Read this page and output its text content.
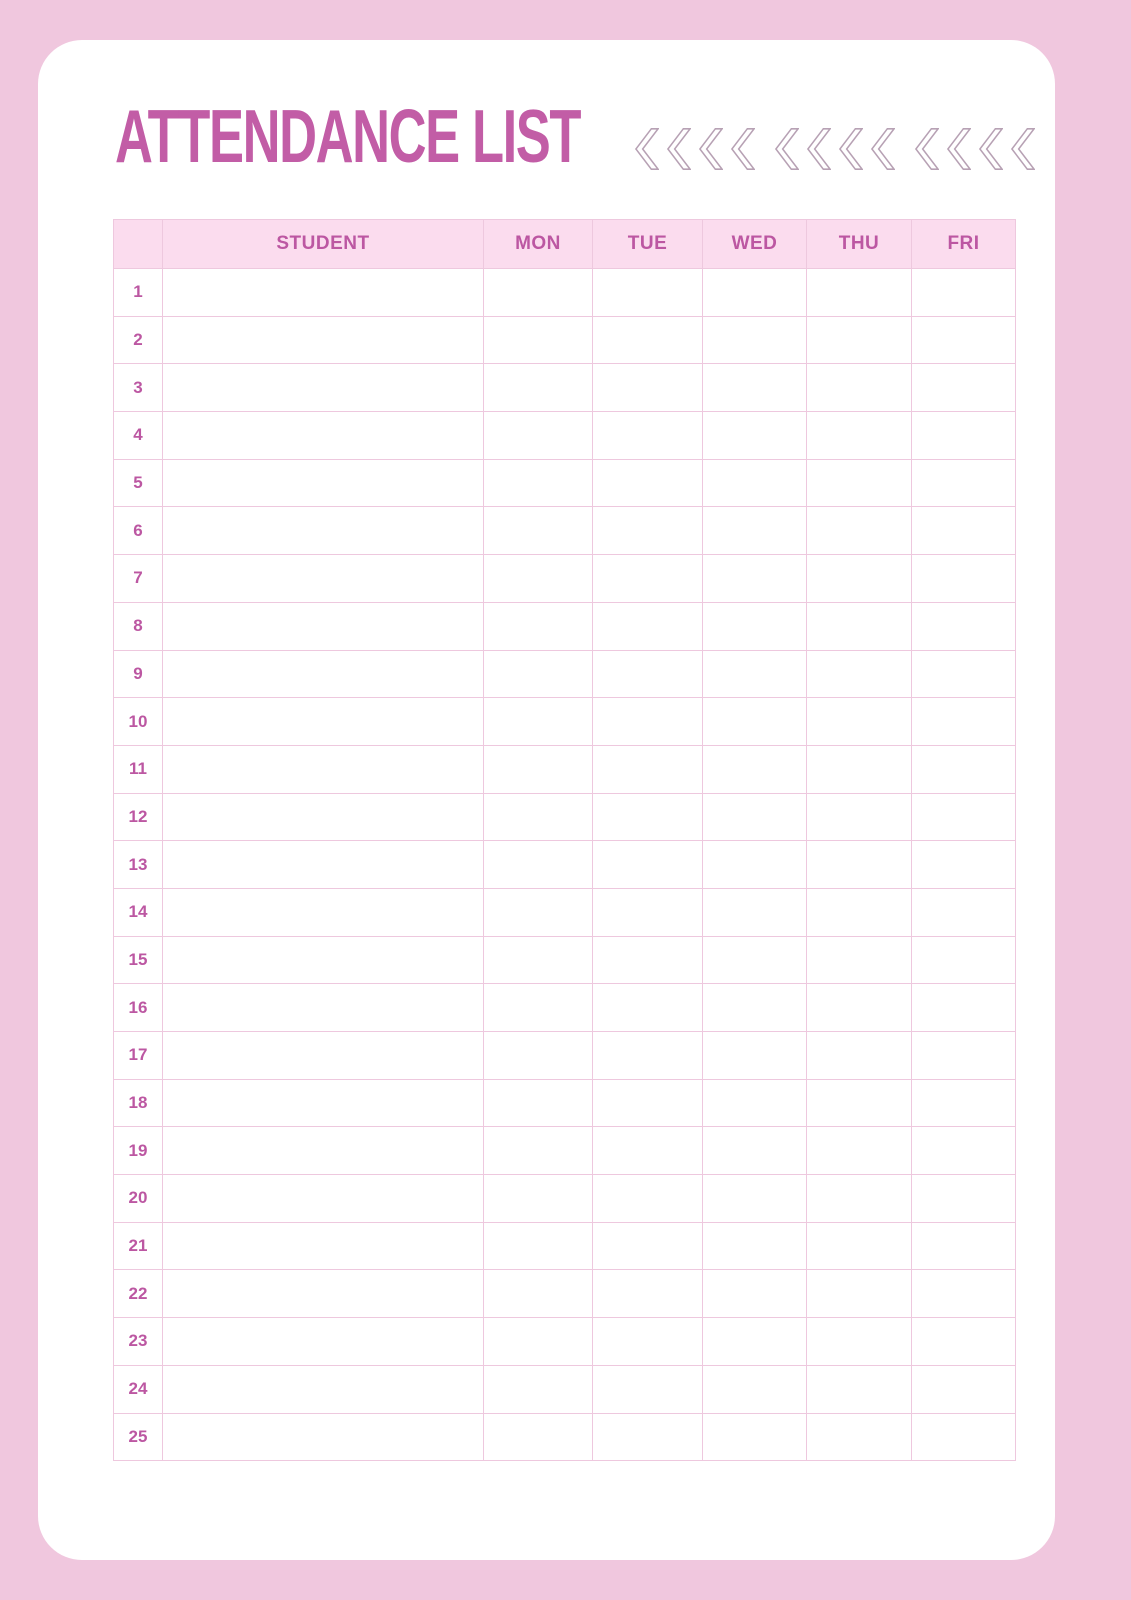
ATTENDANCE LIST
	STUDENT	MON	TUE	WED	THU	FRI
1						
2						
3						
4						
5						
6						
7						
8						
9						
10						
11						
12						
13						
14						
15						
16						
17						
18						
19						
20						
21						
22						
23						
24						
25						
